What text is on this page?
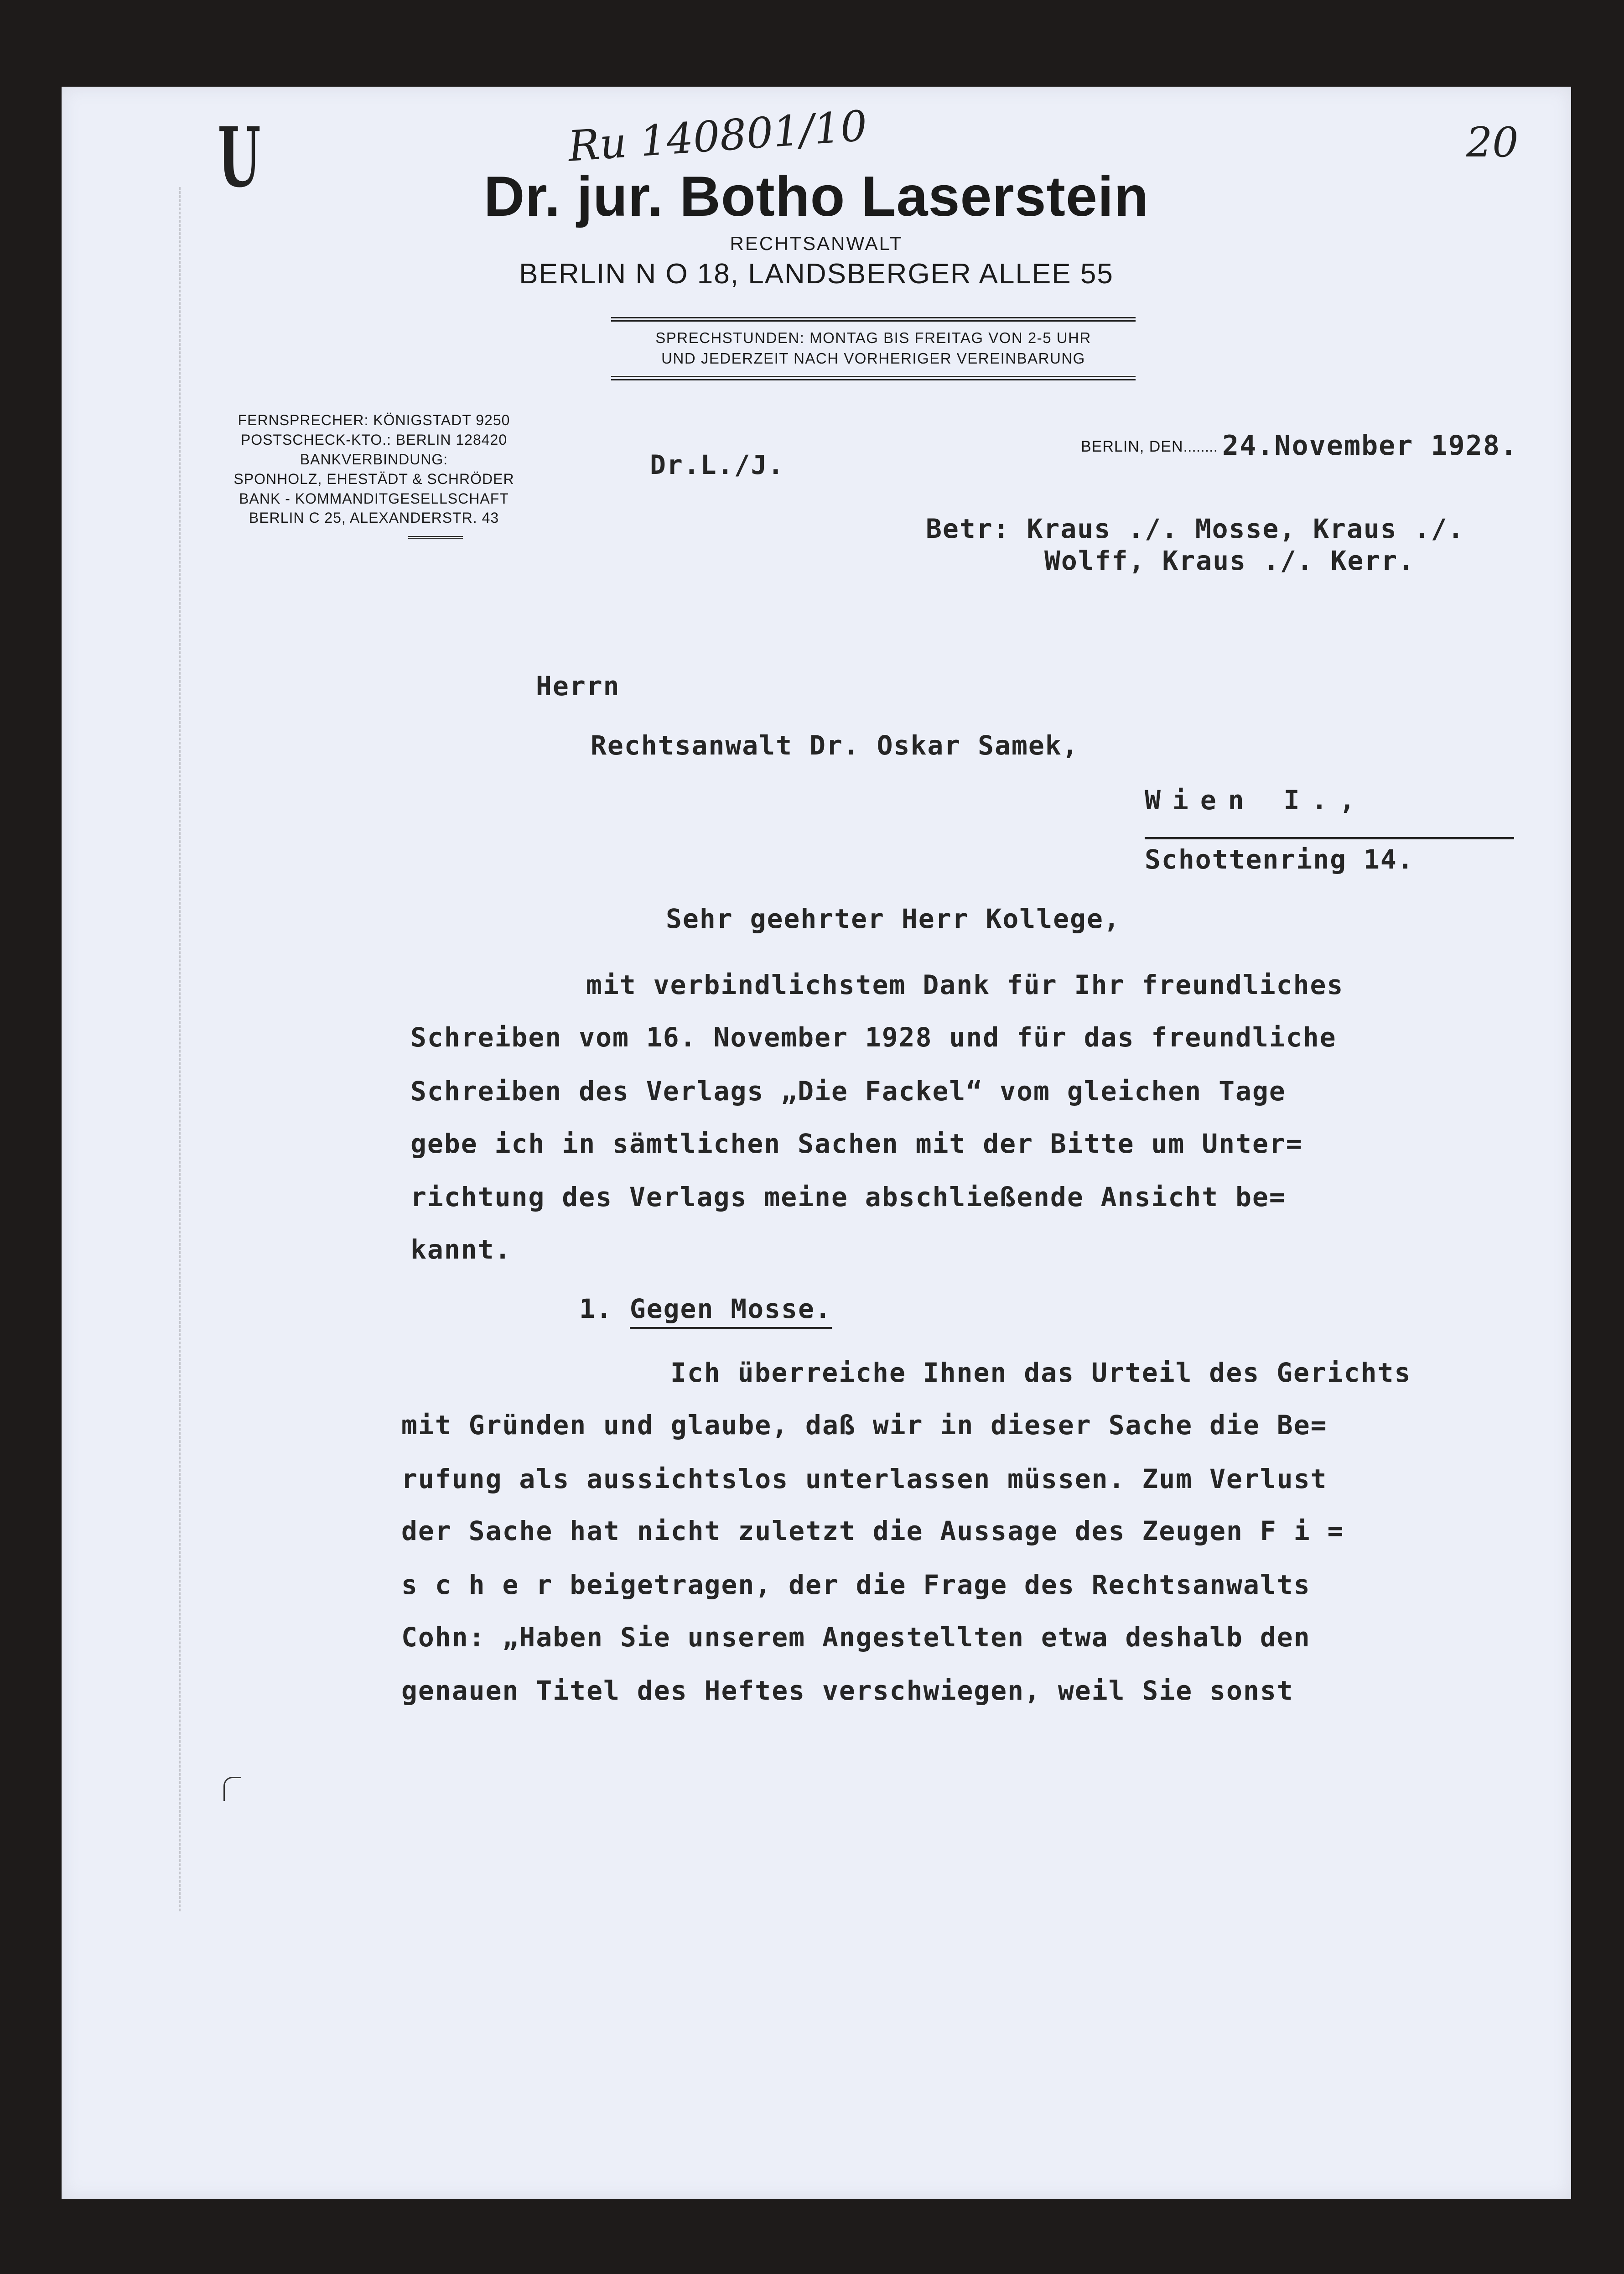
U	Ru 140801/10	20
Dr. jur. Botho Laserstein
RECHTSANWALT
BERLIN N O 18, LANDSBERGER ALLEE 55
SPRECHSTUNDEN: MONTAG BIS FREITAG VON 2-5 UHR
UND JEDERZEIT NACH VORHERIGER VEREINBARUNG
FERNSPRECHER: KÖNIGSTADT 9250
POSTSCHECK-KTO.: BERLIN 128420
BANKVERBINDUNG:
SPONHOLZ, EHESTÄDT & SCHRÖDER
BANK - KOMMANDITGESELLSCHAFT
BERLIN C 25, ALEXANDERSTR. 43
BERLIN, DEN........ 24.November 1928.
Dr.L./J.
Betr: Kraus ./. Mosse, Kraus ./.
Wolff, Kraus ./. Kerr.
Herrn
Rechtsanwalt Dr. Oskar Samek,
Wien I.,
Schottenring 14.
Sehr geehrter Herr Kollege,
mit verbindlichstem Dank für Ihr freundliches
Schreiben vom 16. November 1928 und für das freundliche
Schreiben des Verlags „Die Fackel“ vom gleichen Tage
gebe ich in sämtlichen Sachen mit der Bitte um Unter=
richtung des Verlags meine abschließende Ansicht be=
kannt.
1. Gegen Mosse.
Ich überreiche Ihnen das Urteil des Gerichts
mit Gründen und glaube, daß wir in dieser Sache die Be=
rufung als aussichtslos unterlassen müssen. Zum Verlust
der Sache hat nicht zuletzt die Aussage des Zeugen F i =
s c h e r beigetragen, der die Frage des Rechtsanwalts
Cohn: „Haben Sie unserem Angestellten etwa deshalb den
genauen Titel des Heftes verschwiegen, weil Sie sonst
